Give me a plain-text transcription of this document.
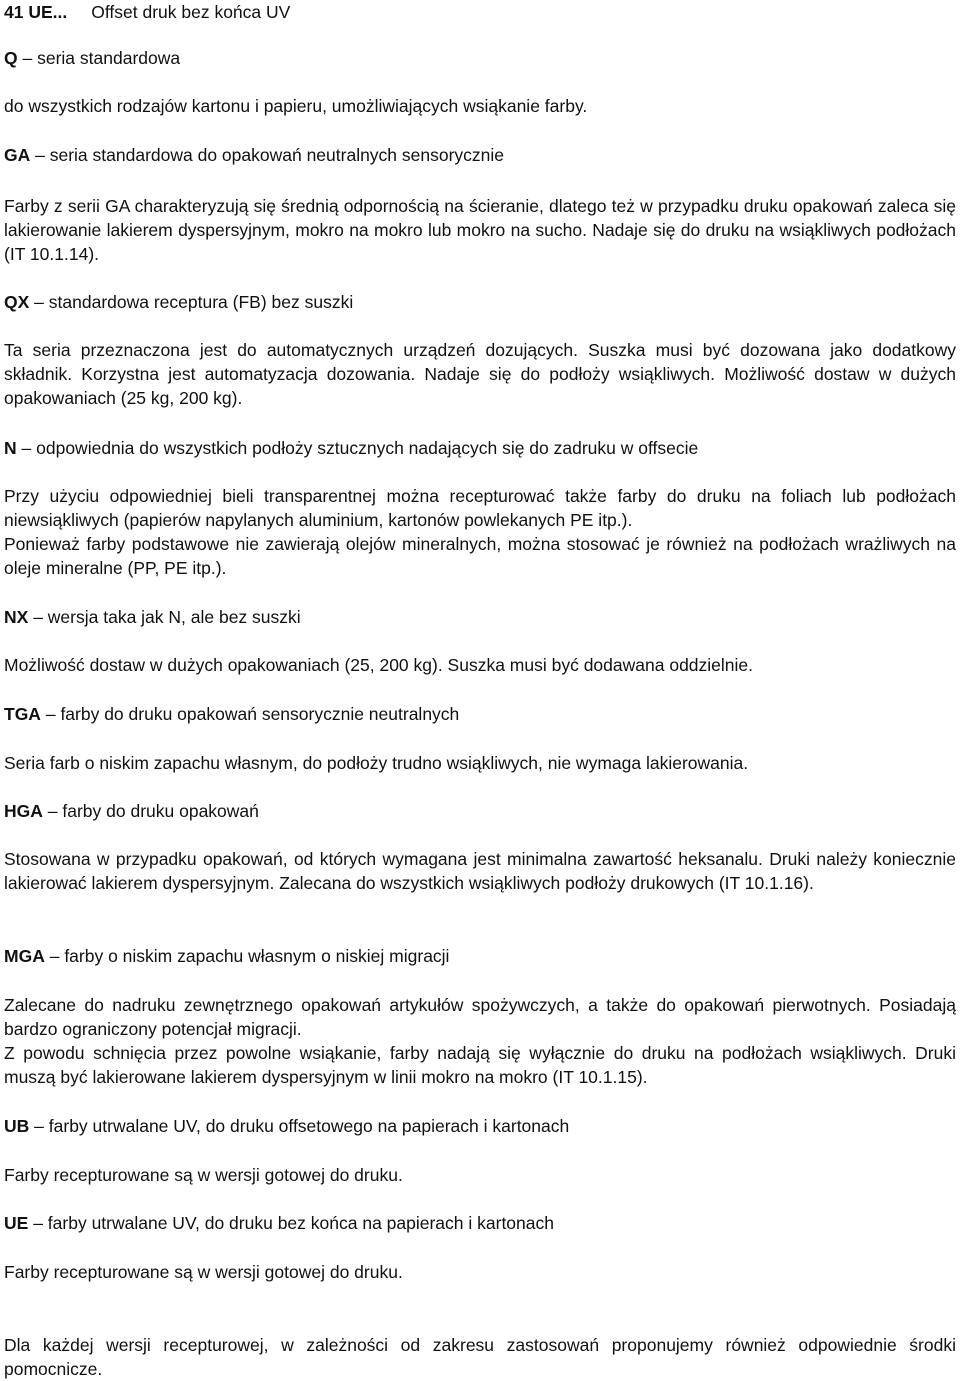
41 UE... Offset druk bez końca UV
Q – seria standardowa
do wszystkich rodzajów kartonu i papieru, umożliwiających wsiąkanie farby.
GA – seria standardowa do opakowań neutralnych sensorycznie

Farby z serii GA charakteryzują się średnią odpornością na ścieranie, dlatego też w przypadku druku opakowań zaleca się lakierowanie lakierem dyspersyjnym, mokro na mokro lub mokro na sucho. Nadaje się do druku na wsiąkliwych podłożach (IT 10.1.14).

QX – standardowa receptura (FB) bez suszki

Ta seria przeznaczona jest do automatycznych urządzeń dozujących. Suszka musi być dozowana jako dodatkowy składnik. Korzystna jest automatyzacja dozowania. Nadaje się do podłoży wsiąkliwych. Możliwość dostaw w dużych opakowaniach (25 kg, 200 kg).

N – odpowiednia do wszystkich podłoży sztucznych nadających się do zadruku w offsecie

Przy użyciu odpowiedniej bieli transparentnej można recepturować także farby do druku na foliach lub podłożach niewsiąkliwych (papierów napylanych aluminium, kartonów powlekanych PE itp.).

Ponieważ farby podstawowe nie zawierają olejów mineralnych, można stosować je również na podłożach wrażliwych na oleje mineralne (PP, PE itp.).

NX – wersja taka jak N, ale bez suszki
Możliwość dostaw w dużych opakowaniach (25, 200 kg). Suszka musi być dodawana oddzielnie.
TGA – farby do druku opakowań sensorycznie neutralnych
Seria farb o niskim zapachu własnym, do podłoży trudno wsiąkliwych, nie wymaga lakierowania.
HGA – farby do druku opakowań

Stosowana w przypadku opakowań, od których wymagana jest minimalna zawartość heksanalu. Druki należy koniecznie lakierować lakierem dyspersyjnym. Zalecana do wszystkich wsiąkliwych podłoży drukowych (IT 10.1.16).

MGA – farby o niskim zapachu własnym o niskiej migracji

Zalecane do nadruku zewnętrznego opakowań artykułów spożywczych, a także do opakowań pierwotnych. Posiadają bardzo ograniczony potencjał migracji.

Z powodu schnięcia przez powolne wsiąkanie, farby nadają się wyłącznie do druku na podłożach wsiąkliwych. Druki muszą być lakierowane lakierem dyspersyjnym w linii mokro na mokro (IT 10.1.15).

UB – farby utrwalane UV, do druku offsetowego na papierach i kartonach
Farby recepturowane są w wersji gotowej do druku.
UE – farby utrwalane UV, do druku bez końca na papierach i kartonach
Farby recepturowane są w wersji gotowej do druku.

Dla każdej wersji recepturowej, w zależności od zakresu zastosowań proponujemy również odpowiednie środki pomocnicze.
